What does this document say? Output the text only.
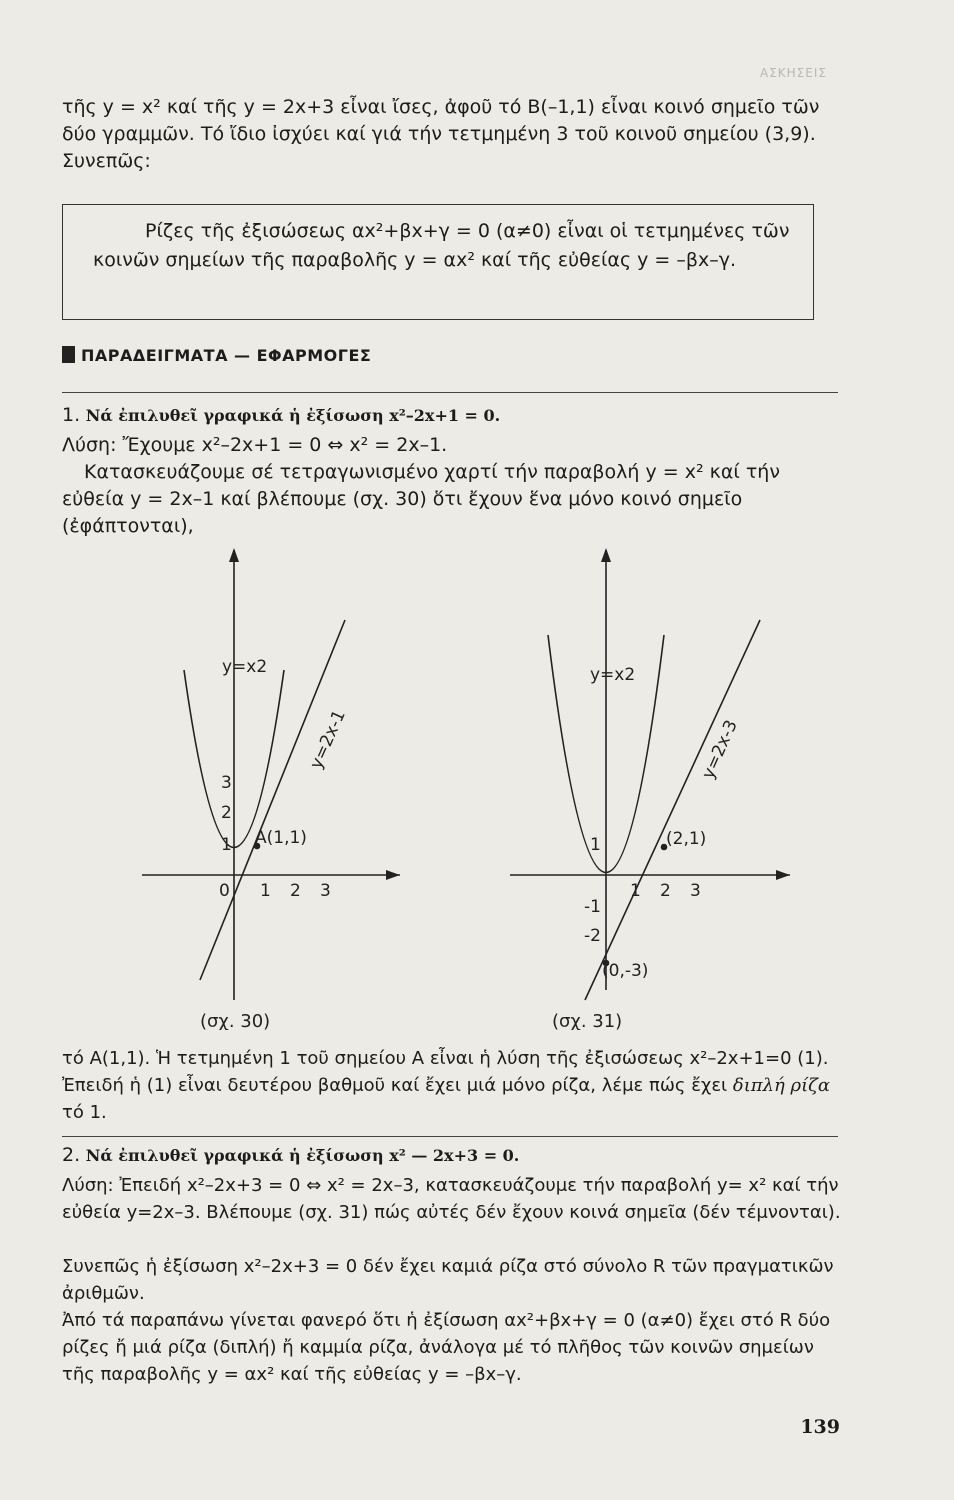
ΑΣΚΗΣΕΙΣ

τῆς y = x² καί τῆς y = 2x+3 εἶναι ἴσες, ἀφοῦ τό B(–1,1) εἶναι κοινό σημεῖο τῶν δύο γραμμῶν. Τό ἴδιο ἰσχύει καί γιά τήν τετμημένη 3 τοῦ κοινοῦ σημείου (3,9). Συνεπῶς:

Ρίζες τῆς ἐξισώσεως αx²+βx+γ = 0 (α≠0) εἶναι οἱ τετμημένες τῶν κοινῶν σημείων τῆς παραβολῆς y = αx² καί τῆς εὐθείας y = –βx–γ.
ΠΑΡΑΔΕΙΓΜΑΤΑ — ΕΦΑΡΜΟΓΕΣ
1. Νά ἐπιλυθεῖ γραφικά ἡ ἐξίσωση x²–2x+1 = 0.

Λύση: Ἔχουμε x²–2x+1 = 0 ⇔ x² = 2x–1.

Κατασκευάζουμε σέ τετραγωνισμένο χαρτί τήν παραβολή y = x² καί τήν εὐθεία y = 2x–1 καί βλέπουμε (σχ. 30) ὅτι ἔχουν ἕνα μόνο κοινό σημεῖο (ἐφάπτονται),

y=x2
y=2x-1
A(1,1)
0 1 2 3
1
2
3
(σχ. 30)
y=x2
y=2x-3
(2,1)
(0,-3)
1 2 3
1
-1
-2
(σχ. 31)

τό A(1,1). Ἡ τετμημένη 1 τοῦ σημείου A εἶναι ἡ λύση τῆς ἐξισώσεως x²–2x+1=0 (1). Ἐπειδή ἡ (1) εἶναι δευτέρου βαθμοῦ καί ἔχει μιά μόνο ρίζα, λέμε πώς ἔχει διπλή ρίζα τό 1.

2. Νά ἐπιλυθεῖ γραφικά ἡ ἐξίσωση x² — 2x+3 = 0.

Λύση: Ἐπειδή x²–2x+3 = 0 ⇔ x² = 2x–3, κατασκευάζουμε τήν παραβολή y= x² καί τήν εὐθεία y=2x–3. Βλέπουμε (σχ. 31) πώς αὐτές δέν ἔχουν κοινά σημεῖα (δέν τέμνονται).

Συνεπῶς ἡ ἐξίσωση x²–2x+3 = 0 δέν ἔχει καμιά ρίζα στό σύνολο R τῶν πραγματικῶν ἀριθμῶν.

Ἀπό τά παραπάνω γίνεται φανερό ὅτι ἡ ἐξίσωση αx²+βx+γ = 0 (α≠0) ἔχει στό R δύο ρίζες ἤ μιά ρίζα (διπλή) ἤ καμμία ρίζα, ἀνάλογα μέ τό πλῆθος τῶν κοινῶν σημείων τῆς παραβολῆς y = αx² καί τῆς εὐθείας y = –βx–γ.

139
